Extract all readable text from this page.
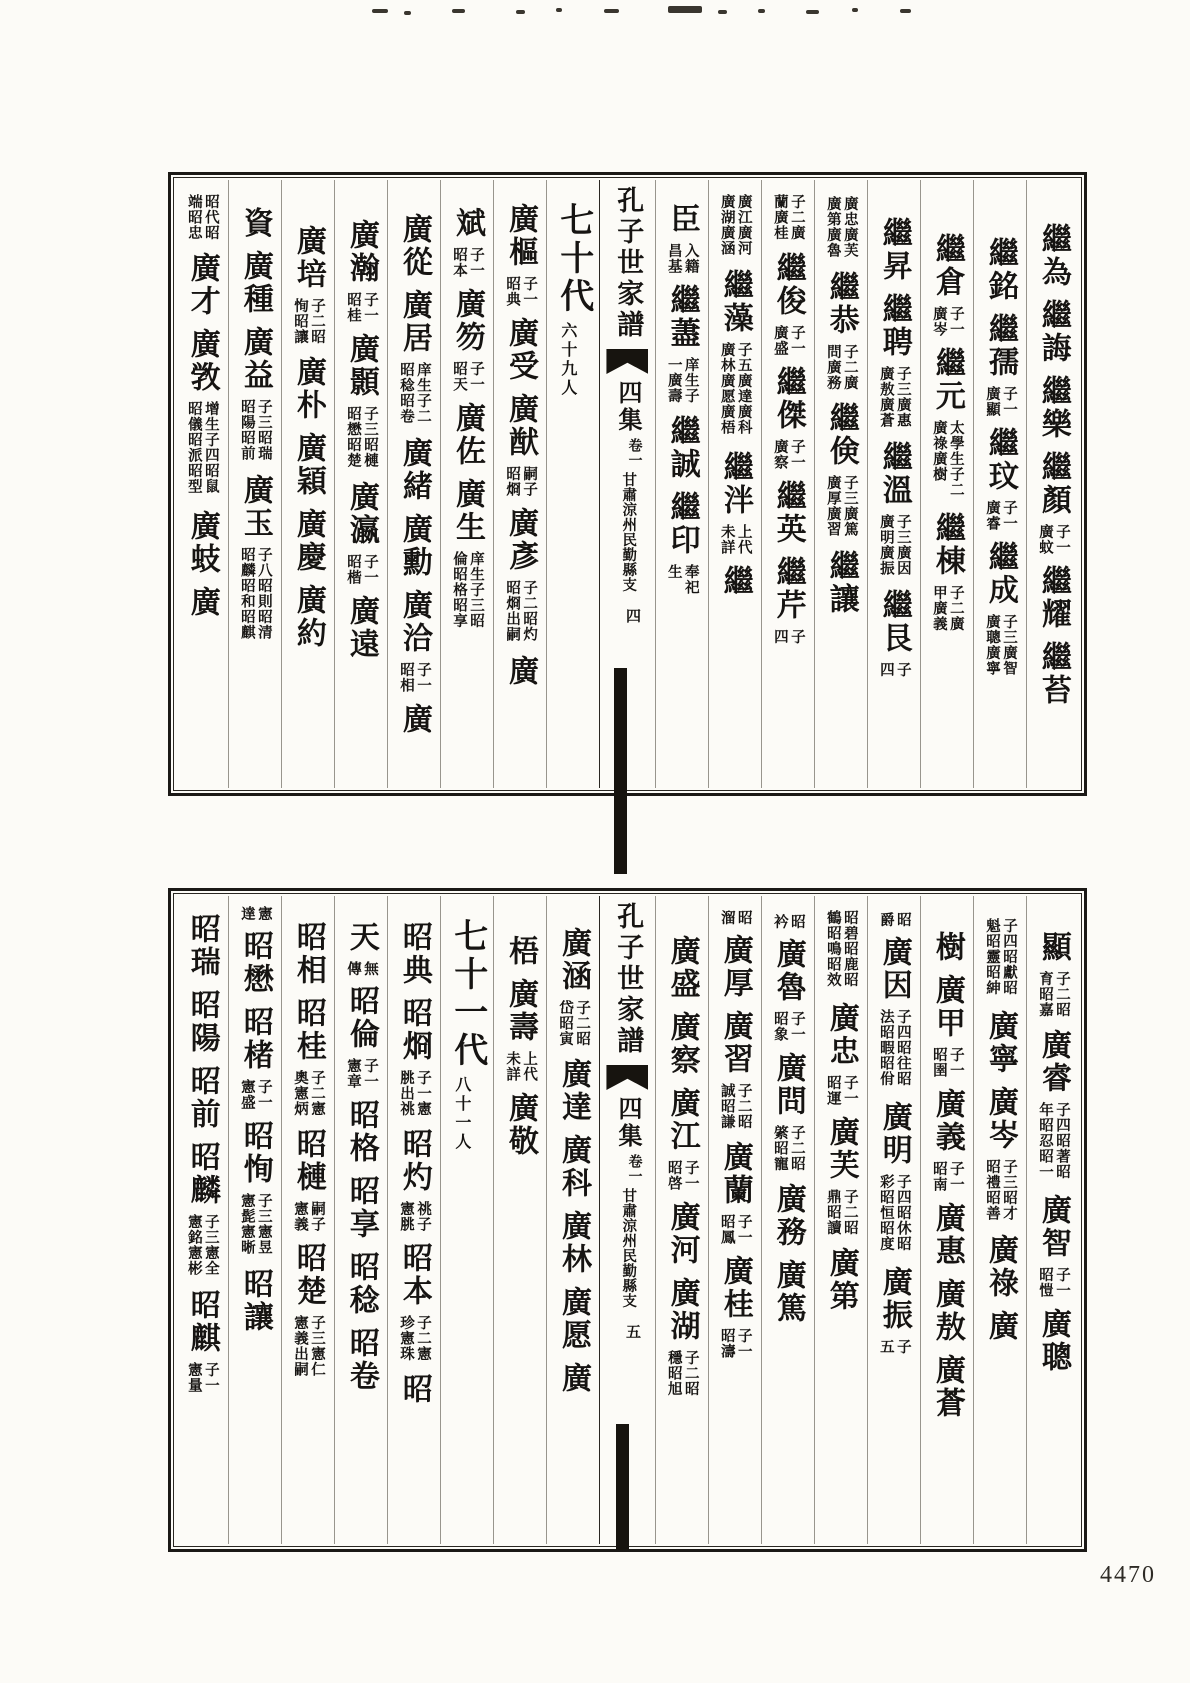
繼為
繼誨
繼樂
繼顏
子一廣蚊
繼耀
繼苔
繼銘
繼孺
子一廣顯
繼玟
子一廣睿
繼成
子三廣智廣聰廣寧
繼倉
子一廣岑
繼元
太學生子二廣祿廣樹
繼棟
子二廣甲廣義
繼昇
繼聘
子三廣惠廣敖廣蒼
繼溫
子三廣因廣明廣振
繼艮
子四
廣忠廣芙廣第廣魯
繼恭
子二廣問廣務
繼倹
子三廣篤廣厚廣習
繼讓
子二廣蘭廣桂
繼俊
子一廣盛
繼傑
子一廣察
繼英
繼芹
子四
廣江廣河廣湖廣涵
繼藻
子五廣達廣科廣林廣愿廣梧
繼泮
上代未詳
繼
臣
入籍昌基
繼藎
庠生子一廣壽
繼誠
繼印
奉祀生
孔子世家譜
四集
卷一
甘肅涼州民勤縣支
四
七十代
六十九人
廣樞
子一昭典
廣受
廣猷
嗣子昭烱
廣彥
子二昭灼昭烱出嗣
廣
斌
子一昭本
廣笏
子一昭天
廣佐
廣生
庠生子三昭倫昭格昭享
廣從
廣居
庠生子二昭稔昭卷
廣緒
廣勳
廣洽
子一昭相
廣
廣瀚
子一昭桂
廣顥
子三昭槤昭懋昭楚
廣瀛
子一昭楷
廣遠
廣培
子二昭恂昭讓
廣朴
廣穎
廣慶
廣約
資
廣種
廣益
子三昭瑞昭陽昭前
廣玉
子八昭則昭清昭麟昭和昭麒
昭代昭端昭忠
廣才
廣敩
增生子四昭鼠昭儀昭派昭型
廣蚑
廣
顯
子二昭育昭嘉
廣睿
子四昭著昭年昭忍昭一
廣智
子一昭愷
廣聰
子四昭獻昭魁昭靈昭紳
廣寧
廣岑
子三昭才昭禮昭善
廣祿
廣
樹
廣甲
子一昭圉
廣義
子一昭南
廣惠
廣敖
廣蒼
昭爵
廣因
子四昭往昭法昭暇昭佾
廣明
子四昭休昭彩昭恒昭度
廣振
子五
昭碧昭鹿昭鶴昭鳴昭效
廣忠
子一昭運
廣芙
子二昭鼎昭讀
廣第
昭衿
廣魯
子一昭象
廣問
子二昭綮昭寵
廣務
廣篤
昭溜
廣厚
廣習
子二昭誠昭謙
廣蘭
子一昭鳳
廣桂
子一昭濤
廣盛
廣察
廣江
子一昭啓
廣河
廣湖
子二昭穩昭旭
孔子世家譜
四集
卷一
甘肅涼州民勤縣支
五
廣涵
子二昭岱昭寅
廣達
廣科
廣林
廣愿
廣
梧
廣壽
上代未詳
廣敬
七十一代
八十一人
昭典
昭烱
子一憲脁出祧
昭灼
祧子憲脁
昭本
子二憲珍憲珠
昭
天
無傳
昭倫
子一憲章
昭格
昭享
昭稔
昭卷
昭相
昭桂
子二憲奧憲炳
昭槤
嗣子憲義
昭楚
子三憲仁憲義出嗣
憲達
昭懋
昭楮
子一憲盛
昭恂
子三憲昱憲髭憲晰
昭讓
昭瑞
昭陽
昭前
昭麟
子三憲全憲銘憲彬
昭麒
子一憲量
4470
